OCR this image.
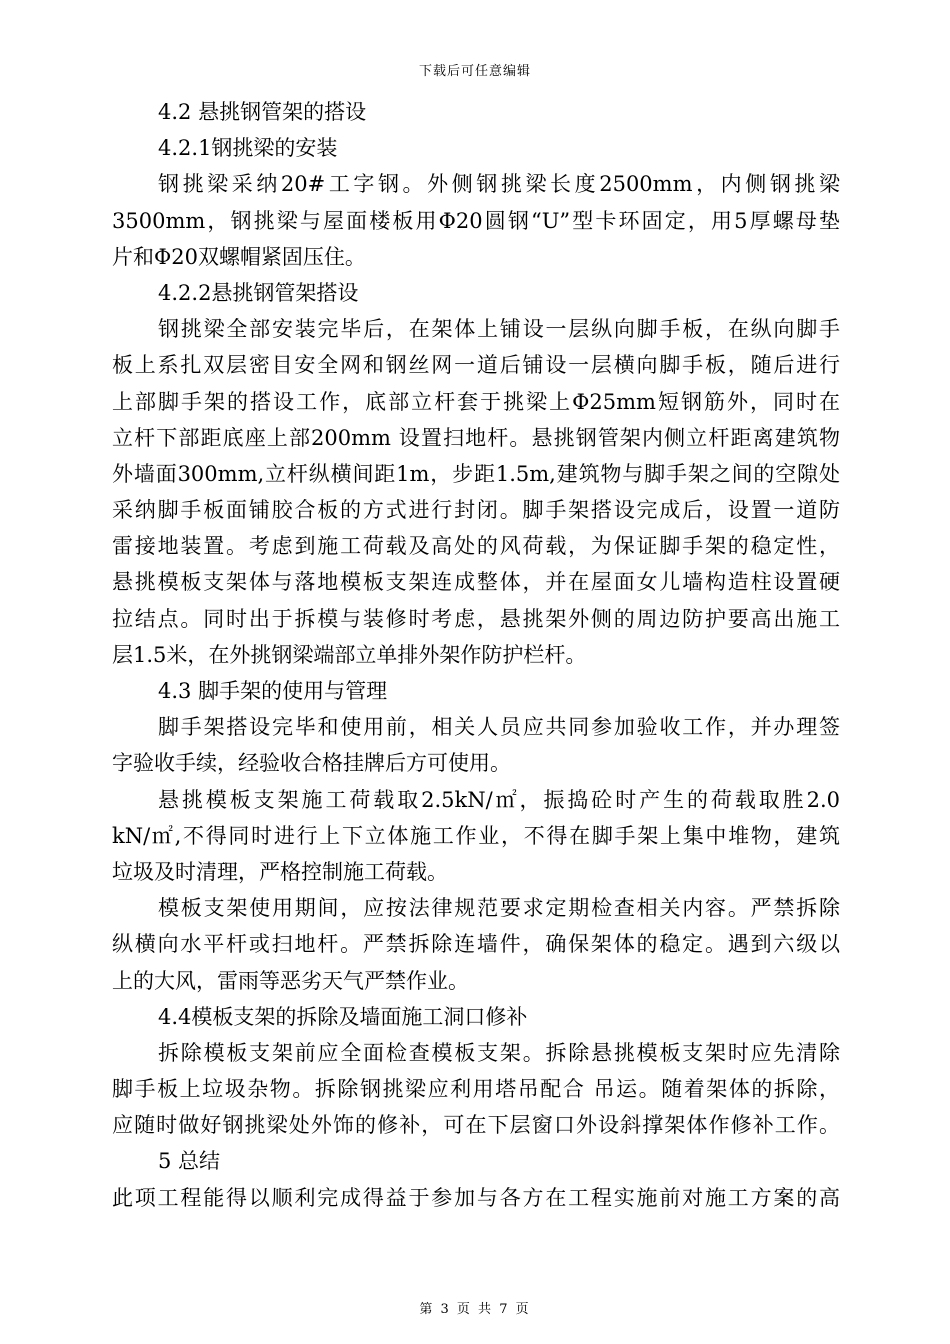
下载后可任意编辑
4.2 悬挑钢管架的搭设
4.2.1钢挑梁的安装
钢挑梁采纳20#工字钢。外侧钢挑梁长度2500mm，内侧钢挑梁
3500mm，钢挑梁与屋面楼板用Φ20圆钢“U”型卡环固定，用5厚螺母垫
片和Φ20双螺帽紧固压住。
4.2.2悬挑钢管架搭设
钢挑梁全部安装完毕后，在架体上铺设一层纵向脚手板，在纵向脚手
板上系扎双层密目安全网和钢丝网一道后铺设一层横向脚手板，随后进行
上部脚手架的搭设工作，底部立杆套于挑梁上Φ25mm短钢筋外，同时在
立杆下部距底座上部200mm 设置扫地杆。悬挑钢管架内侧立杆距离建筑物
外墙面300mm,立杆纵横间距1m，步距1.5m,建筑物与脚手架之间的空隙处
采纳脚手板面铺胶合板的方式进行封闭。脚手架搭设完成后，设置一道防
雷接地装置。考虑到施工荷载及高处的风荷载，为保证脚手架的稳定性，
悬挑模板支架体与落地模板支架连成整体，并在屋面女儿墙构造柱设置硬
拉结点。同时出于拆模与装修时考虑，悬挑架外侧的周边防护要高出施工
层1.5米，在外挑钢梁端部立单排外架作防护栏杆。
4.3 脚手架的使用与管理
脚手架搭设完毕和使用前，相关人员应共同参加验收工作，并办理签
字验收手续，经验收合格挂牌后方可使用。
悬挑模板支架施工荷载取2.5kN/㎡，振捣砼时产生的荷载取胜2.0
kN/㎡,不得同时进行上下立体施工作业，不得在脚手架上集中堆物，建筑
垃圾及时清理，严格控制施工荷载。
模板支架使用期间，应按法律规范要求定期检查相关内容。严禁拆除
纵横向水平杆或扫地杆。严禁拆除连墙件，确保架体的稳定。遇到六级以
上的大风，雷雨等恶劣天气严禁作业。
4.4模板支架的拆除及墙面施工洞口修补
拆除模板支架前应全面检查模板支架。拆除悬挑模板支架时应先清除
脚手板上垃圾杂物。拆除钢挑梁应利用塔吊配合 吊运。随着架体的拆除，
应随时做好钢挑梁处外饰的修补，可在下层窗口外设斜撑架体作修补工作。
5 总结
此项工程能得以顺利完成得益于参加与各方在工程实施前对施工方案的高
第 3 页 共 7 页
